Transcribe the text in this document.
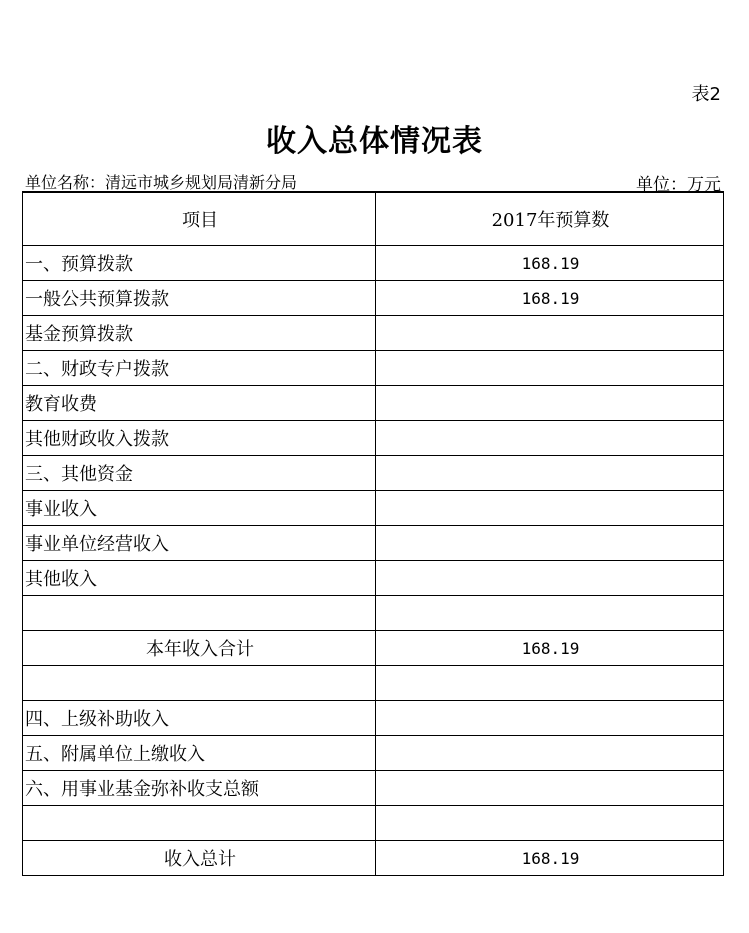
表2
收入总体情况表
单位名称：清远市城乡规划局清新分局	单位：万元
项目	2017年预算数
一、预算拨款	168.19
一般公共预算拨款	168.19
基金预算拨款	
二、财政专户拨款	
教育收费	
其他财政收入拨款	
三、其他资金	
事业收入	
事业单位经营收入	
其他收入	

本年收入合计	168.19

四、上级补助收入	
五、附属单位上缴收入	
六、用事业基金弥补收支总额	

收入总计	168.19
